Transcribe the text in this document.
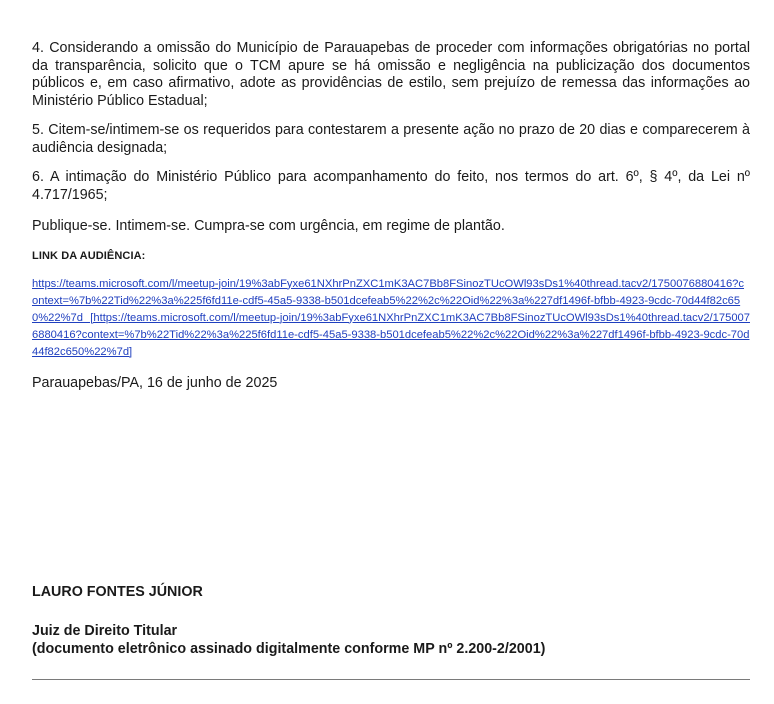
4. Considerando a omissão do Município de Parauapebas de proceder com informações obrigatórias no portal da transparência, solicito que o TCM apure se há omissão e negligência na publicização dos documentos públicos e, em caso afirmativo, adote as providências de estilo, sem prejuízo de remessa das informações ao Ministério Público Estadual;

5. Citem-se/intimem-se os requeridos para contestarem a presente ação no prazo de 20 dias e comparecerem à audiência designada;

6. A intimação do Ministério Público para acompanhamento do feito, nos termos do art. 6º, § 4º, da Lei nº 4.717/1965;

Publique-se. Intimem-se. Cumpra-se com urgência, em regime de plantão.

LINK DA AUDIÊNCIA:

https://teams.microsoft.com/l/meetup-join/19%3abFyxe61NXhrPnZXC1mK3AC7Bb8FSinozTUcOWl93sDs1%40thread.tacv2/1750076880416?context=%7b%22Tid%22%3a%225f6fd11e-cdf5-45a5-9338-b501dcefeab5%22%2c%22Oid%22%3a%227df1496f-bfbb-4923-9cdc-70d44f82c650%22%7d [https://teams.microsoft.com/l/meetup-join/19%3abFyxe61NXhrPnZXC1mK3AC7Bb8FSinozTUcOWl93sDs1%40thread.tacv2/1750076880416?context=%7b%22Tid%22%3a%225f6fd11e-cdf5-45a5-9338-b501dcefeab5%22%2c%22Oid%22%3a%227df1496f-bfbb-4923-9cdc-70d44f82c650%22%7d]

Parauapebas/PA, 16 de junho de 2025

LAURO FONTES JÚNIOR

Juiz de Direito Titular
(documento eletrônico assinado digitalmente conforme MP nº 2.200-2/2001)
